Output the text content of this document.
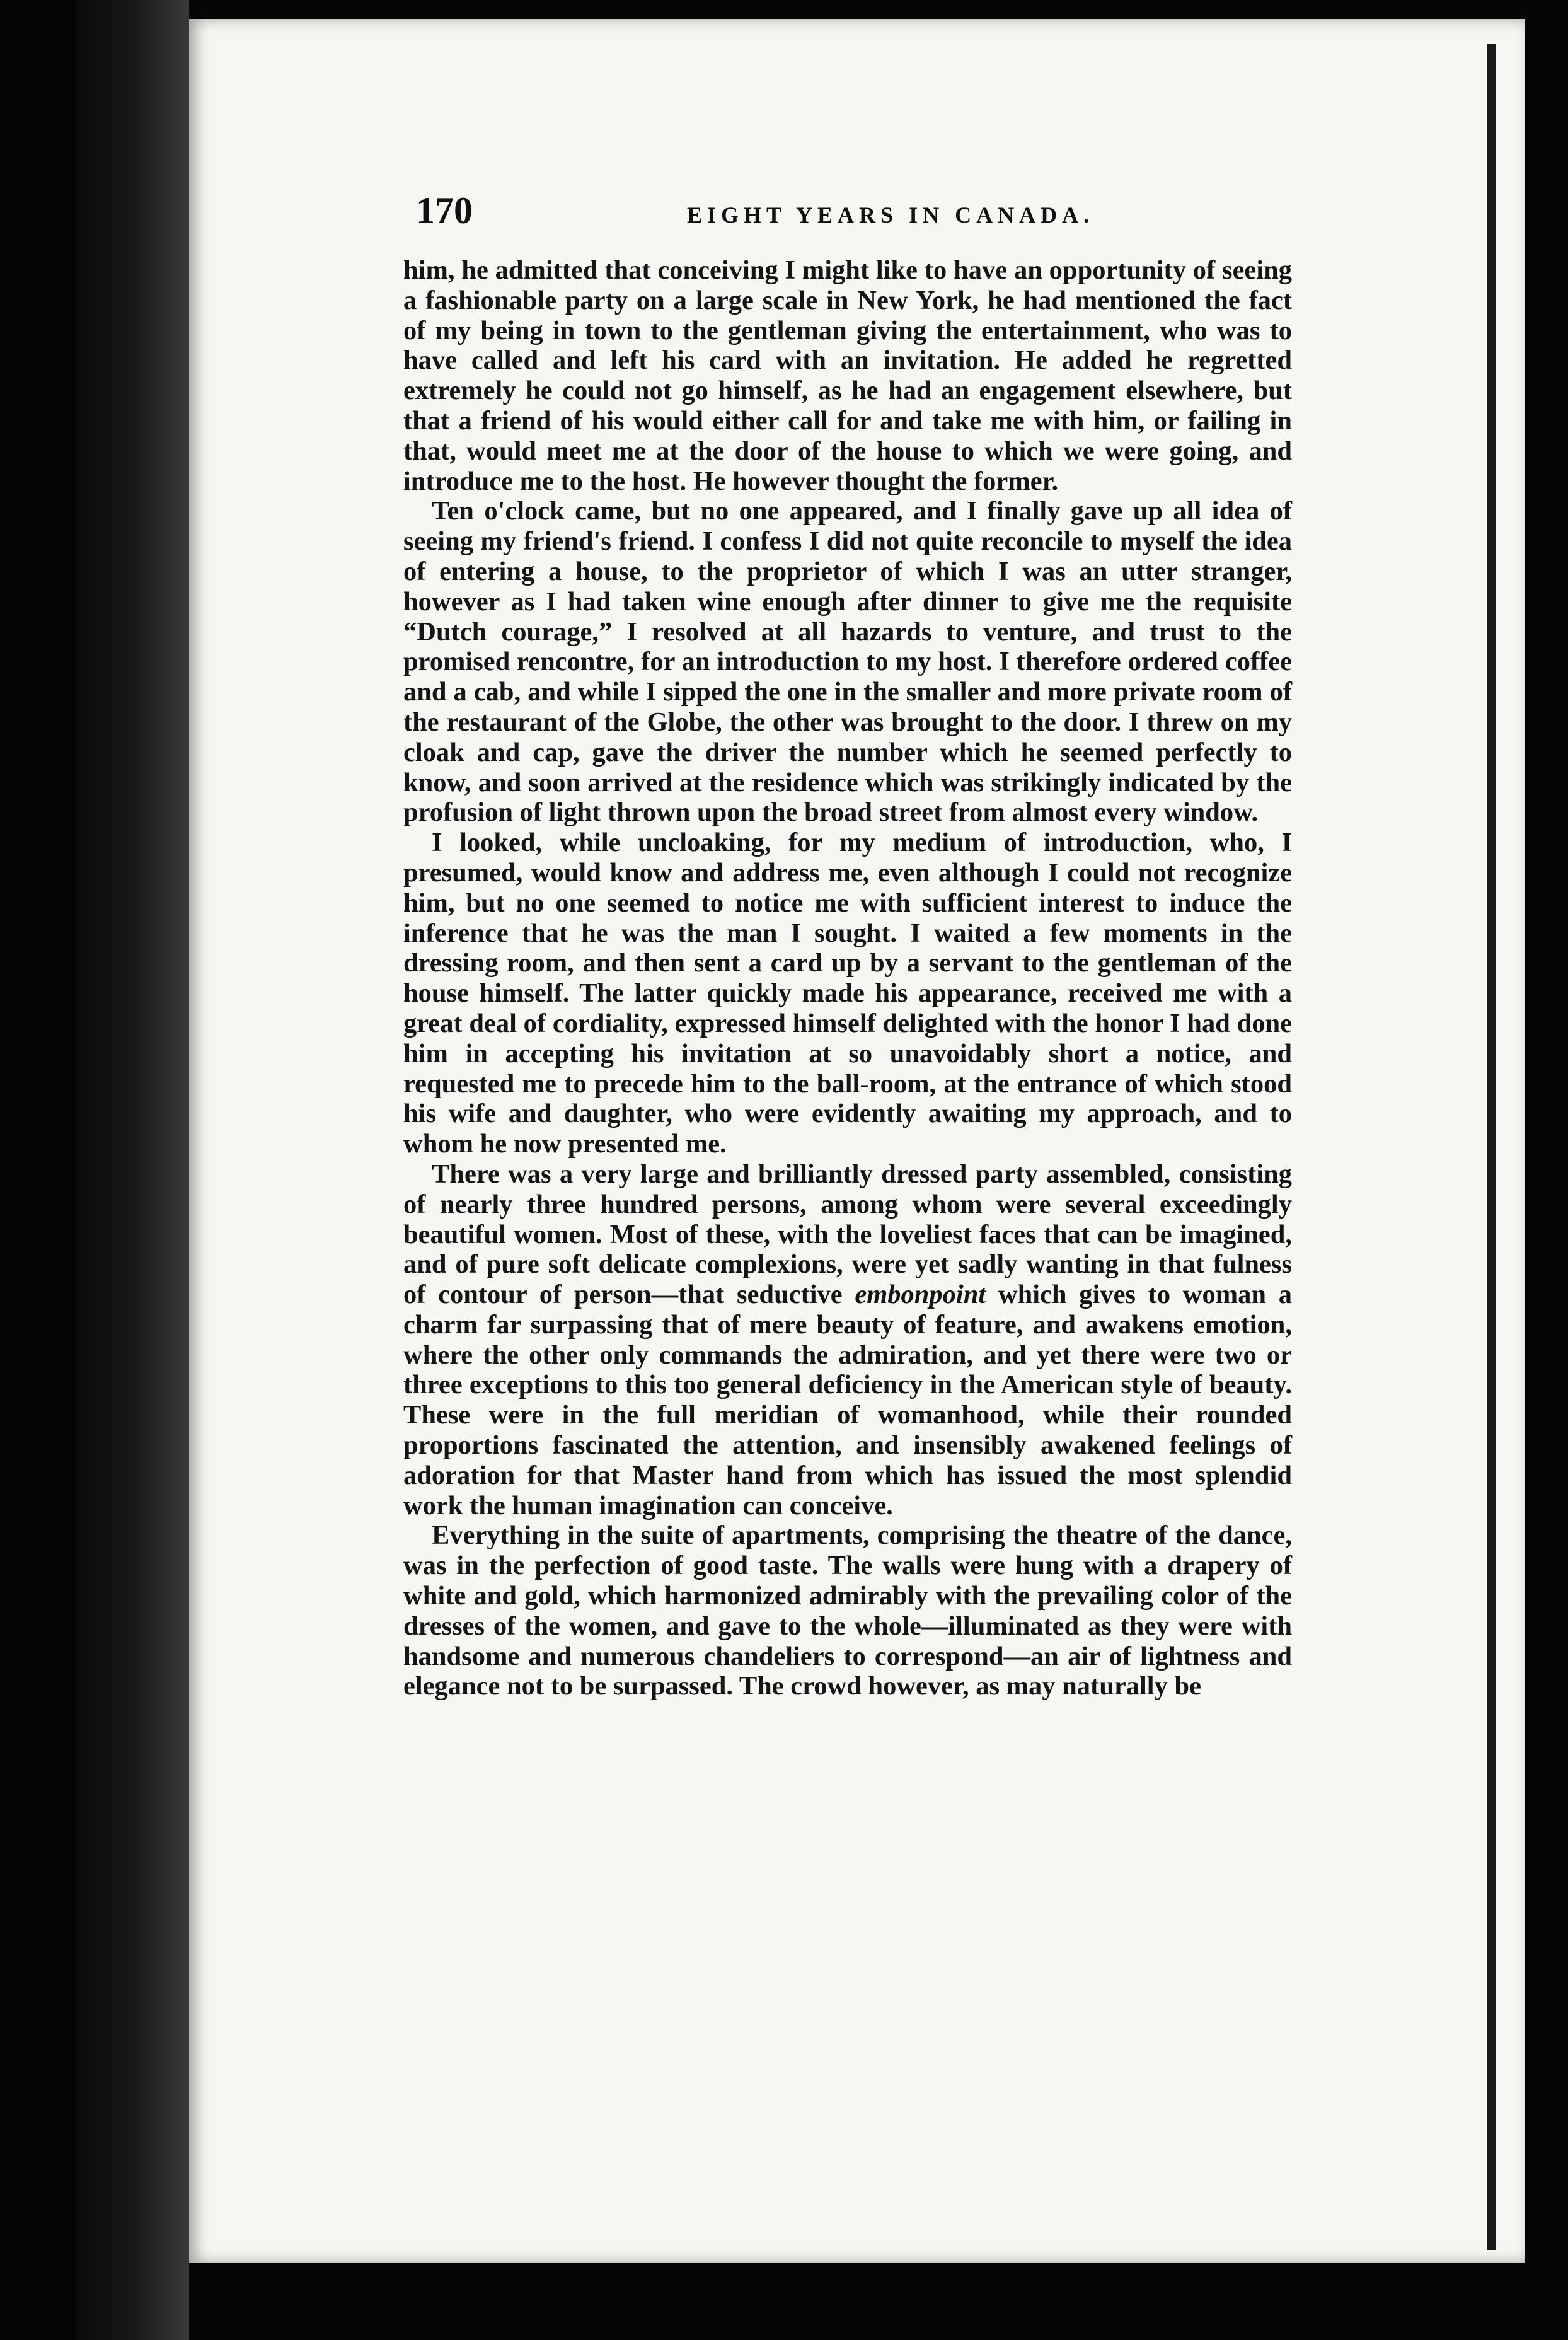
170	EIGHT YEARS IN CANADA.

him, he admitted that conceiving I might like to have an opportunity of seeing a fashionable party on a large scale in New York, he had mentioned the fact of my being in town to the gentleman giving the entertainment, who was to have called and left his card with an invitation. He added he regretted extremely he could not go himself, as he had an engagement elsewhere, but that a friend of his would either call for and take me with him, or failing in that, would meet me at the door of the house to which we were going, and introduce me to the host. He however thought the former.

Ten o'clock came, but no one appeared, and I finally gave up all idea of seeing my friend's friend. I confess I did not quite reconcile to myself the idea of entering a house, to the proprietor of which I was an utter stranger, however as I had taken wine enough after dinner to give me the requisite “Dutch courage,” I resolved at all hazards to venture, and trust to the promised rencontre, for an introduction to my host. I therefore ordered coffee and a cab, and while I sipped the one in the smaller and more private room of the restaurant of the Globe, the other was brought to the door. I threw on my cloak and cap, gave the driver the number which he seemed perfectly to know, and soon arrived at the residence which was strikingly indicated by the profusion of light thrown upon the broad street from almost every window.

I looked, while uncloaking, for my medium of introduction, who, I presumed, would know and address me, even although I could not recognize him, but no one seemed to notice me with sufficient interest to induce the inference that he was the man I sought. I waited a few moments in the dressing room, and then sent a card up by a servant to the gentleman of the house himself. The latter quickly made his appearance, received me with a great deal of cordiality, expressed himself delighted with the honor I had done him in accepting his invitation at so unavoidably short a notice, and requested me to precede him to the ball-room, at the entrance of which stood his wife and daughter, who were evidently awaiting my approach, and to whom he now presented me.

There was a very large and brilliantly dressed party assembled, consisting of nearly three hundred persons, among whom were several exceedingly beautiful women. Most of these, with the loveliest faces that can be imagined, and of pure soft delicate complexions, were yet sadly wanting in that fulness of contour of person—that seductive embonpoint which gives to woman a charm far surpassing that of mere beauty of feature, and awakens emotion, where the other only commands the admiration, and yet there were two or three exceptions to this too general deficiency in the American style of beauty. These were in the full meridian of womanhood, while their rounded proportions fascinated the attention, and insensibly awakened feelings of adoration for that Master hand from which has issued the most splendid work the human imagination can conceive.

Everything in the suite of apartments, comprising the theatre of the dance, was in the perfection of good taste. The walls were hung with a drapery of white and gold, which harmonized admirably with the prevailing color of the dresses of the women, and gave to the whole—illuminated as they were with handsome and numerous chandeliers to correspond—an air of lightness and elegance not to be surpassed. The crowd however, as may naturally be
